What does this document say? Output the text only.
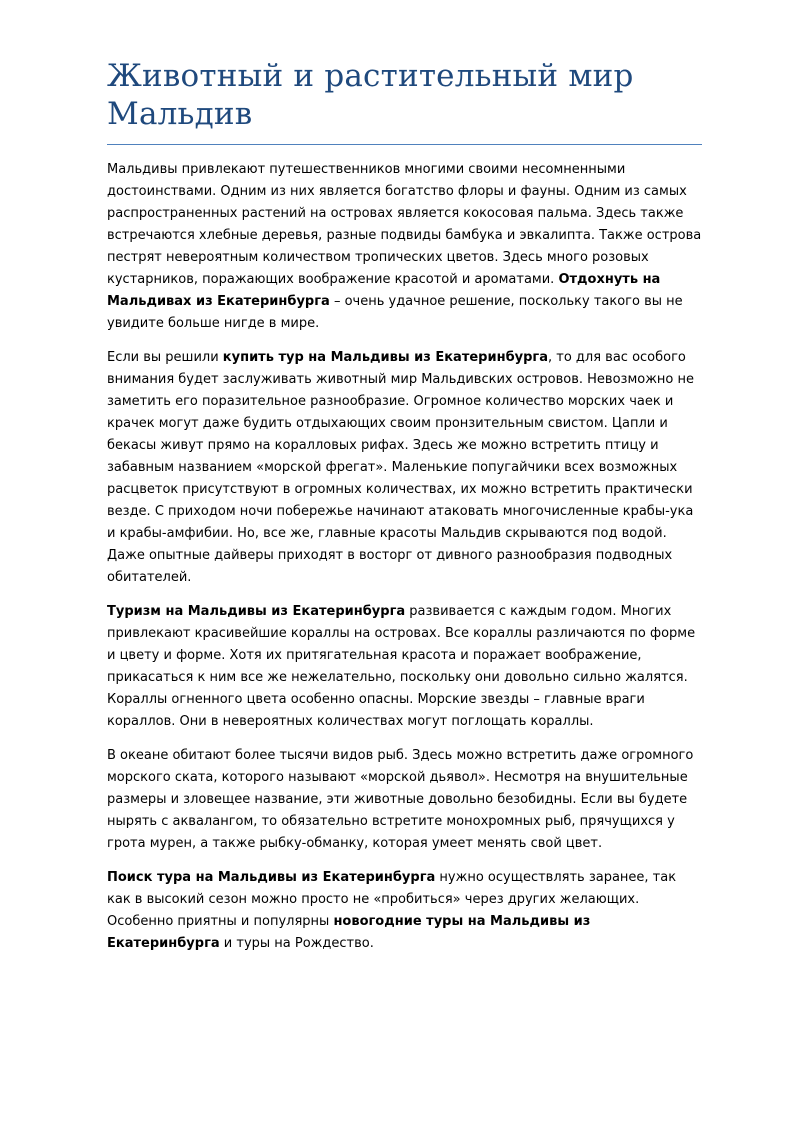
Животный и растительный мир Мальдив

Мальдивы привлекают путешественников многими своими несомненными достоинствами. Одним из них является богатство флоры и фауны. Одним из самых распространенных растений на островах является кокосовая пальма. Здесь также встречаются хлебные деревья, разные подвиды бамбука и эвкалипта. Также острова пестрят невероятным количеством тропических цветов. Здесь много розовых кустарников, поражающих воображение красотой и ароматами. Отдохнуть на Мальдивах из Екатеринбурга – очень удачное решение, поскольку такого вы не увидите больше нигде в мире.

Если вы решили купить тур на Мальдивы из Екатеринбурга, то для вас особого внимания будет заслуживать животный мир Мальдивских островов. Невозможно не заметить его поразительное разнообразие. Огромное количество морских чаек и крачек могут даже будить отдыхающих своим пронзительным свистом. Цапли и бекасы живут прямо на коралловых рифах. Здесь же можно встретить птицу и забавным названием «морской фрегат». Маленькие попугайчики всех возможных расцветок присутствуют в огромных количествах, их можно встретить практически везде. С приходом ночи побережье начинают атаковать многочисленные крабы-ука и крабы-амфибии. Но, все же, главные красоты Мальдив скрываются под водой. Даже опытные дайверы приходят в восторг от дивного разнообразия подводных обитателей.

Туризм на Мальдивы из Екатеринбурга развивается с каждым годом. Многих привлекают красивейшие кораллы на островах. Все кораллы различаются по форме и цвету и форме. Хотя их притягательная красота и поражает воображение, прикасаться к ним все же нежелательно, поскольку они довольно сильно жалятся. Кораллы огненного цвета особенно опасны. Морские звезды – главные враги кораллов. Они в невероятных количествах могут поглощать кораллы.

В океане обитают более тысячи видов рыб. Здесь можно встретить даже огромного морского ската, которого называют «морской дьявол». Несмотря на внушительные размеры и зловещее название, эти животные довольно безобидны. Если вы будете нырять с аквалангом, то обязательно встретите монохромных рыб, прячущихся у грота мурен, а также рыбку-обманку, которая умеет менять свой цвет.

Поиск тура на Мальдивы из Екатеринбурга нужно осуществлять заранее, так как в высокий сезон можно просто не «пробиться» через других желающих. Особенно приятны и популярны новогодние туры на Мальдивы из Екатеринбурга и туры на Рождество.
